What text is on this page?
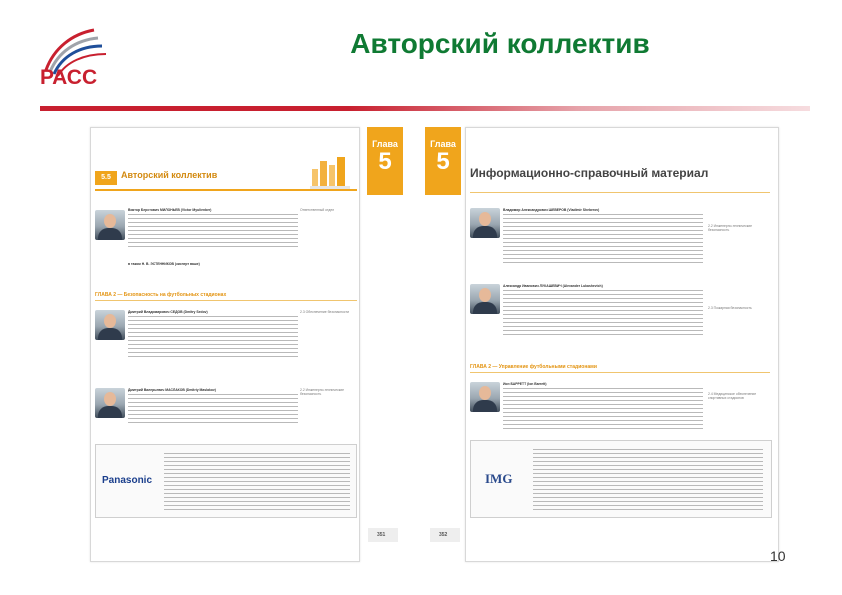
РАСС
Авторский коллектив
Глава
5
5.5	Авторский коллектив
Виктор Берстович МИЛОНЬЕВ (Victor Myulienber)	Ответственный отдел
в таком Н. В. ЭСТЕННИКОВ (эксперт ваше)
ГЛАВА 2 — Безопасность на футбольных стадионах
Дмитрий Владимирович СЕДОВ (Dmitry Sedov)	2.3 Обеспечение безопасности
Дмитрий Валерьевич МАСЛАКОВ (Dmitriy Maslakov)	2.2 Инженерно-технические безопасность
Panasonic
351
Глава
5	Информационно-справочный материал
Владимир Александрович ШЕВЕРОВ (Vladimir Sheberov)
2.2 Инженерно-технические безопасность
Александр Иванович ЛУКАШЕВИЧ (Alexander Lukashevich)
2.3 Пожарная безопасность
ГЛАВА 2 — Управление футбольными стадионами
Ион БАРРЕТТ (Ion Barrett)
2.4 Медицинское обеспечение спортивных стадионов
IMG
352
10
